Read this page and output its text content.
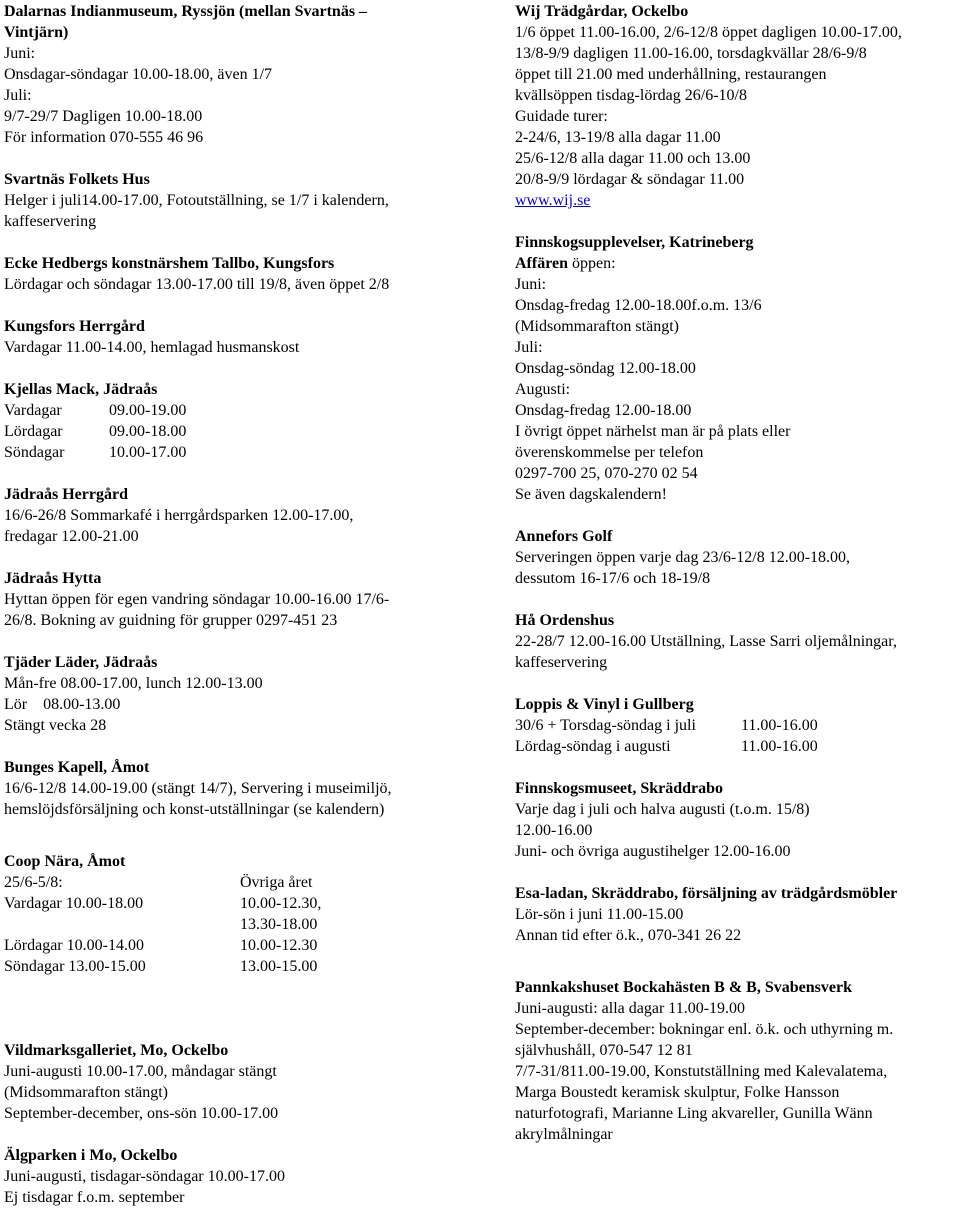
Dalarnas Indianmuseum, Ryssjön (mellan Svartnäs –

Vintjärn)

Juni:

Onsdagar-söndagar 10.00-18.00, även 1/7

Juli:

9/7-29/7 Dagligen 10.00-18.00

För information 070-555 46 96

Svartnäs Folkets Hus

Helger i juli14.00-17.00, Fotoutställning, se 1/7 i kalendern,

kaffeservering

Ecke Hedbergs konstnärshem Tallbo, Kungsfors

Lördagar och söndagar 13.00-17.00 till 19/8, även öppet 2/8

Kungsfors Herrgård

Vardagar 11.00-14.00, hemlagad husmanskost

Kjellas Mack, Jädraås

Vardagar	09.00-19.00

Lördagar	09.00-18.00

Söndagar	10.00-17.00

Jädraås Herrgård

16/6-26/8 Sommarkafé i herrgårdsparken 12.00-17.00,

fredagar 12.00-21.00

Jädraås Hytta

Hyttan öppen för egen vandring söndagar 10.00-16.00 17/6-

26/8. Bokning av guidning för grupper 0297-451 23

Tjäder Läder, Jädraås

Mån-fre 08.00-17.00, lunch 12.00-13.00

Lör    08.00-13.00

Stängt vecka 28

Bunges Kapell, Åmot

16/6-12/8 14.00-19.00 (stängt 14/7), Servering i museimiljö,

hemslöjdsförsäljning och konst-utställningar (se kalendern)

Coop Nära, Åmot

25/6-5/8:	Övriga året

Vardagar 10.00-18.00	10.00-12.30,

13.30-18.00

Lördagar 10.00-14.00	10.00-12.30

Söndagar 13.00-15.00	13.00-15.00

Vildmarksgalleriet, Mo, Ockelbo

Juni-augusti 10.00-17.00, måndagar stängt

(Midsommarafton stängt)

September-december, ons-sön 10.00-17.00

Älgparken i Mo, Ockelbo

Juni-augusti, tisdagar-söndagar 10.00-17.00

Ej tisdagar f.o.m. september

Wij Trädgårdar, Ockelbo

1/6 öppet 11.00-16.00, 2/6-12/8 öppet dagligen 10.00-17.00,

13/8-9/9 dagligen 11.00-16.00, torsdagkvällar 28/6-9/8

öppet till 21.00 med underhållning, restaurangen

kvällsöppen tisdag-lördag 26/6-10/8

Guidade turer:

2-24/6, 13-19/8 alla dagar 11.00

25/6-12/8 alla dagar 11.00 och 13.00

20/8-9/9 lördagar & söndagar 11.00

www.wij.se

Finnskogsupplevelser, Katrineberg

Affären öppen:

Juni:

Onsdag-fredag 12.00-18.00f.o.m. 13/6

(Midsommarafton stängt)

Juli:

Onsdag-söndag 12.00-18.00

Augusti:

Onsdag-fredag 12.00-18.00

I övrigt öppet närhelst man är på plats eller

överenskommelse per telefon

0297-700 25, 070-270 02 54

Se även dagskalendern!

Annefors Golf

Serveringen öppen varje dag 23/6-12/8 12.00-18.00,

dessutom 16-17/6 och 18-19/8

Hå Ordenshus

22-28/7 12.00-16.00 Utställning, Lasse Sarri oljemålningar,

kaffeservering

Loppis & Vinyl i Gullberg

30/6 + Torsdag-söndag i juli	11.00-16.00

Lördag-söndag i augusti	11.00-16.00

Finnskogsmuseet, Skräddrabo

Varje dag i juli och halva augusti (t.o.m. 15/8)

12.00-16.00

Juni- och övriga augustihelger 12.00-16.00

Esa-ladan, Skräddrabo, försäljning av trädgårdsmöbler

Lör-sön i juni 11.00-15.00

Annan tid efter ö.k., 070-341 26 22

Pannkakshuset Bockahästen B & B, Svabensverk

Juni-augusti: alla dagar 11.00-19.00

September-december: bokningar enl. ö.k. och uthyrning m.

självhushåll, 070-547 12 81

7/7-31/811.00-19.00, Konstutställning med Kalevalatema,

Marga Boustedt keramisk skulptur, Folke Hansson

naturfotografi, Marianne Ling akvareller, Gunilla Wänn

akrylmålningar
